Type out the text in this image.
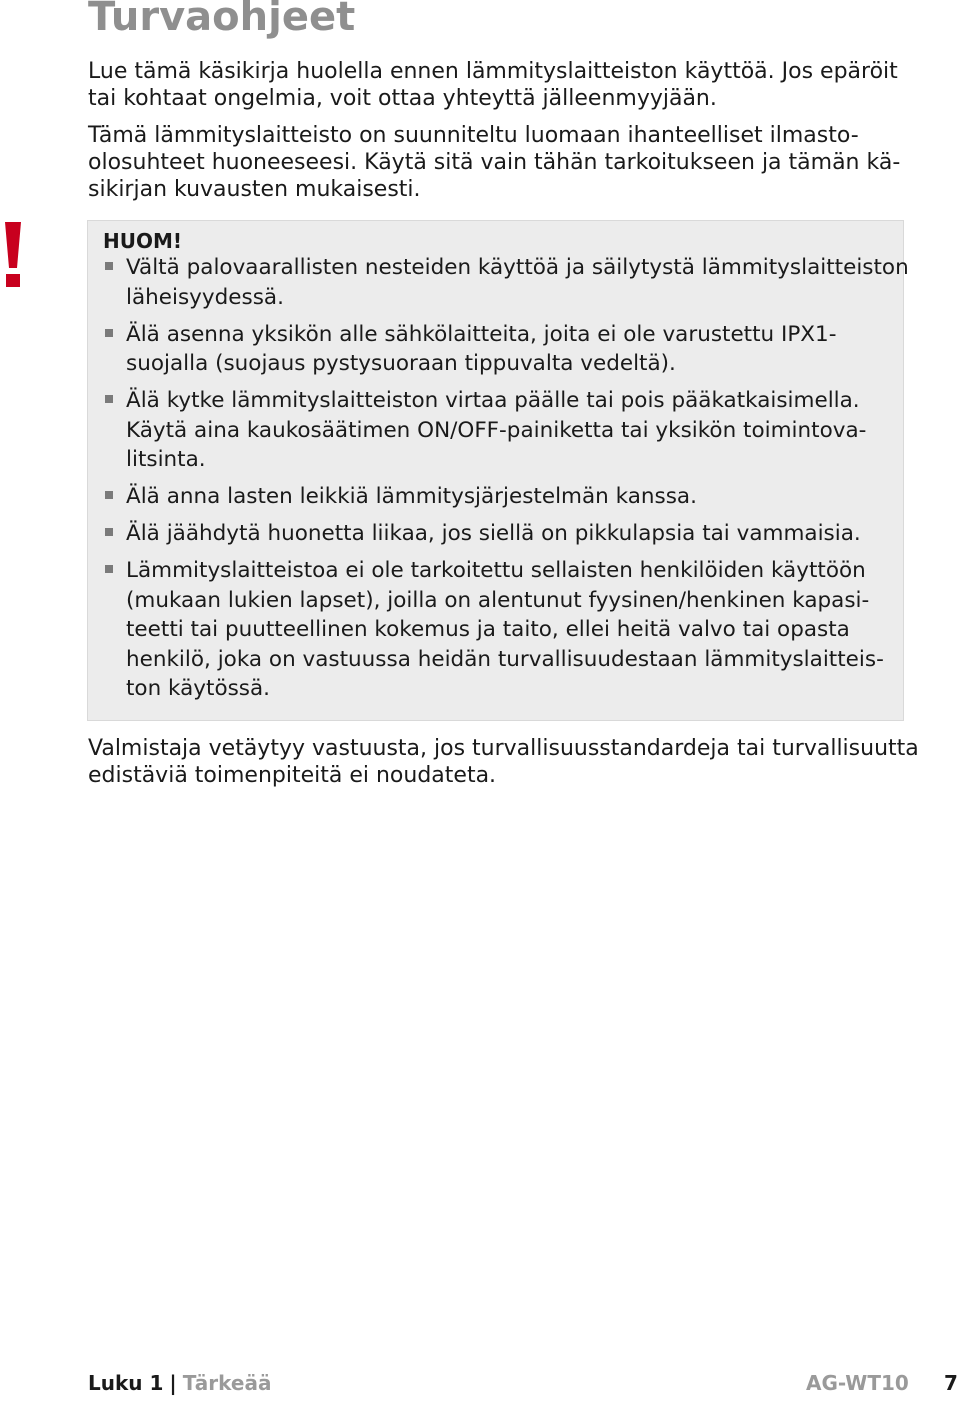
Turvaohjeet

Lue tämä käsikirja huolella ennen lämmityslaitteiston käyttöä. Jos epäröit
tai kohtaat ongelmia, voit ottaa yhteyttä jälleenmyyjään.

Tämä lämmityslaitteisto on suunniteltu luomaan ihanteelliset ilmasto-
olosuhteet huoneeseesi. Käytä sitä vain tähän tarkoitukseen ja tämän kä-
sikirjan kuvausten mukaisesti.

HUOM!

Vältä palovaarallisten nesteiden käyttöä ja säilytystä lämmityslaitteiston
läheisyydessä.
Älä asenna yksikön alle sähkölaitteita, joita ei ole varustettu IPX1-
suojalla (suojaus pystysuoraan tippuvalta vedeltä).
Älä kytke lämmityslaitteiston virtaa päälle tai pois pääkatkaisimella.
Käytä aina kaukosäätimen ON/OFF-painiketta tai yksikön toimintova-
litsinta.
Älä anna lasten leikkiä lämmitysjärjestelmän kanssa.
Älä jäähdytä huonetta liikaa, jos siellä on pikkulapsia tai vammaisia.
Lämmityslaitteistoa ei ole tarkoitettu sellaisten henkilöiden käyttöön
(mukaan lukien lapset), joilla on alentunut fyysinen/henkinen kapasi-
teetti tai puutteellinen kokemus ja taito, ellei heitä valvo tai opasta
henkilö, joka on vastuussa heidän turvallisuudestaan lämmityslaitteis-
ton käytössä.

Valmistaja vetäytyy vastuusta, jos turvallisuusstandardeja tai turvallisuutta
edistäviä toimenpiteitä ei noudateta.

Luku 1 | Tärkeää	AG-WT10 7
